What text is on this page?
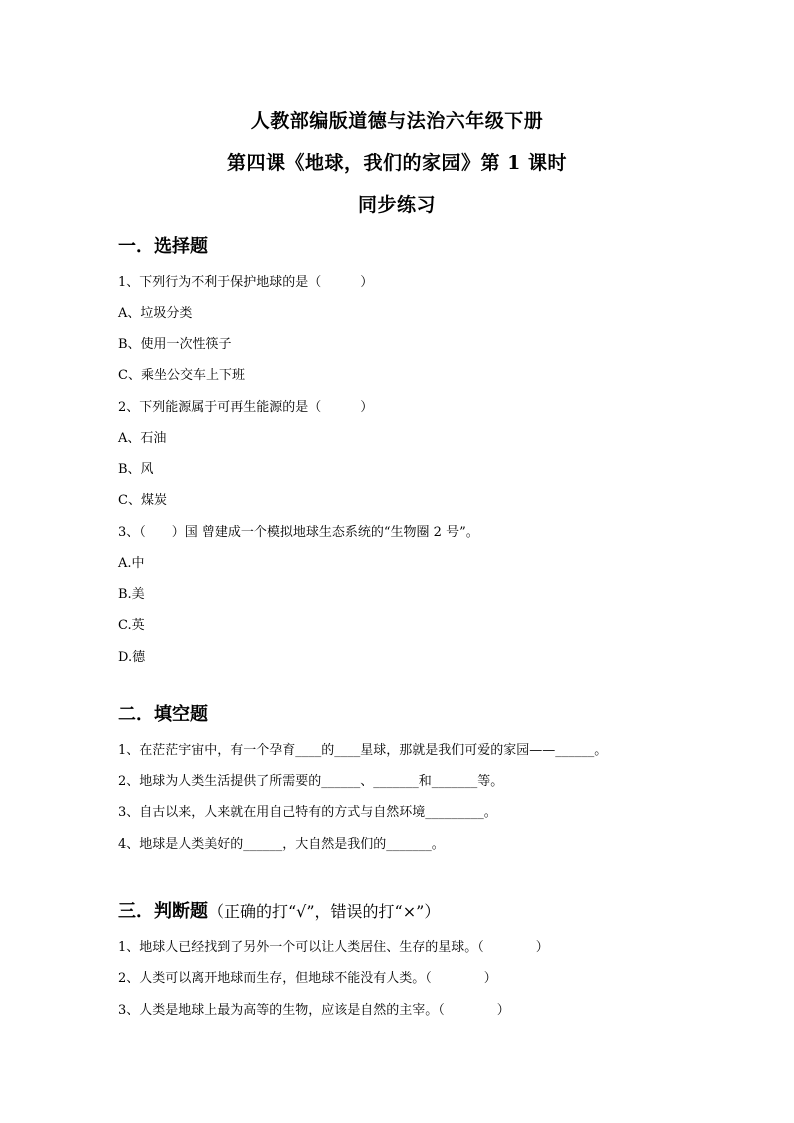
人教部编版道德与法治六年级下册
第四课《地球，我们的家园》第 1 课时
同步练习
一．选择题
1、下列行为不利于保护地球的是（　　　）
A、垃圾分类
B、使用一次性筷子
C、乘坐公交车上下班
2、下列能源属于可再生能源的是（　　　）
A、石油
B、风
C、煤炭
3、（　　）国 曾建成一个模拟地球生态系统的“生物圈 2 号”。
A.中
B.美
C.英
D.德
二．填空题
1、在茫茫宇宙中，有一个孕育____的____星球，那就是我们可爱的家园——______。
2、地球为人类生活提供了所需要的______、_______和_______等。
3、自古以来，人来就在用自己特有的方式与自然环境_________。
4、地球是人类美好的______，大自然是我们的_______。
三．判断题（正确的打“√”，错误的打“×”）
1、地球人已经找到了另外一个可以让人类居住、生存的星球。（　　　　）
2、人类可以离开地球而生存，但地球不能没有人类。（　　　　）
3、人类是地球上最为高等的生物，应该是自然的主宰。（　　　　）
